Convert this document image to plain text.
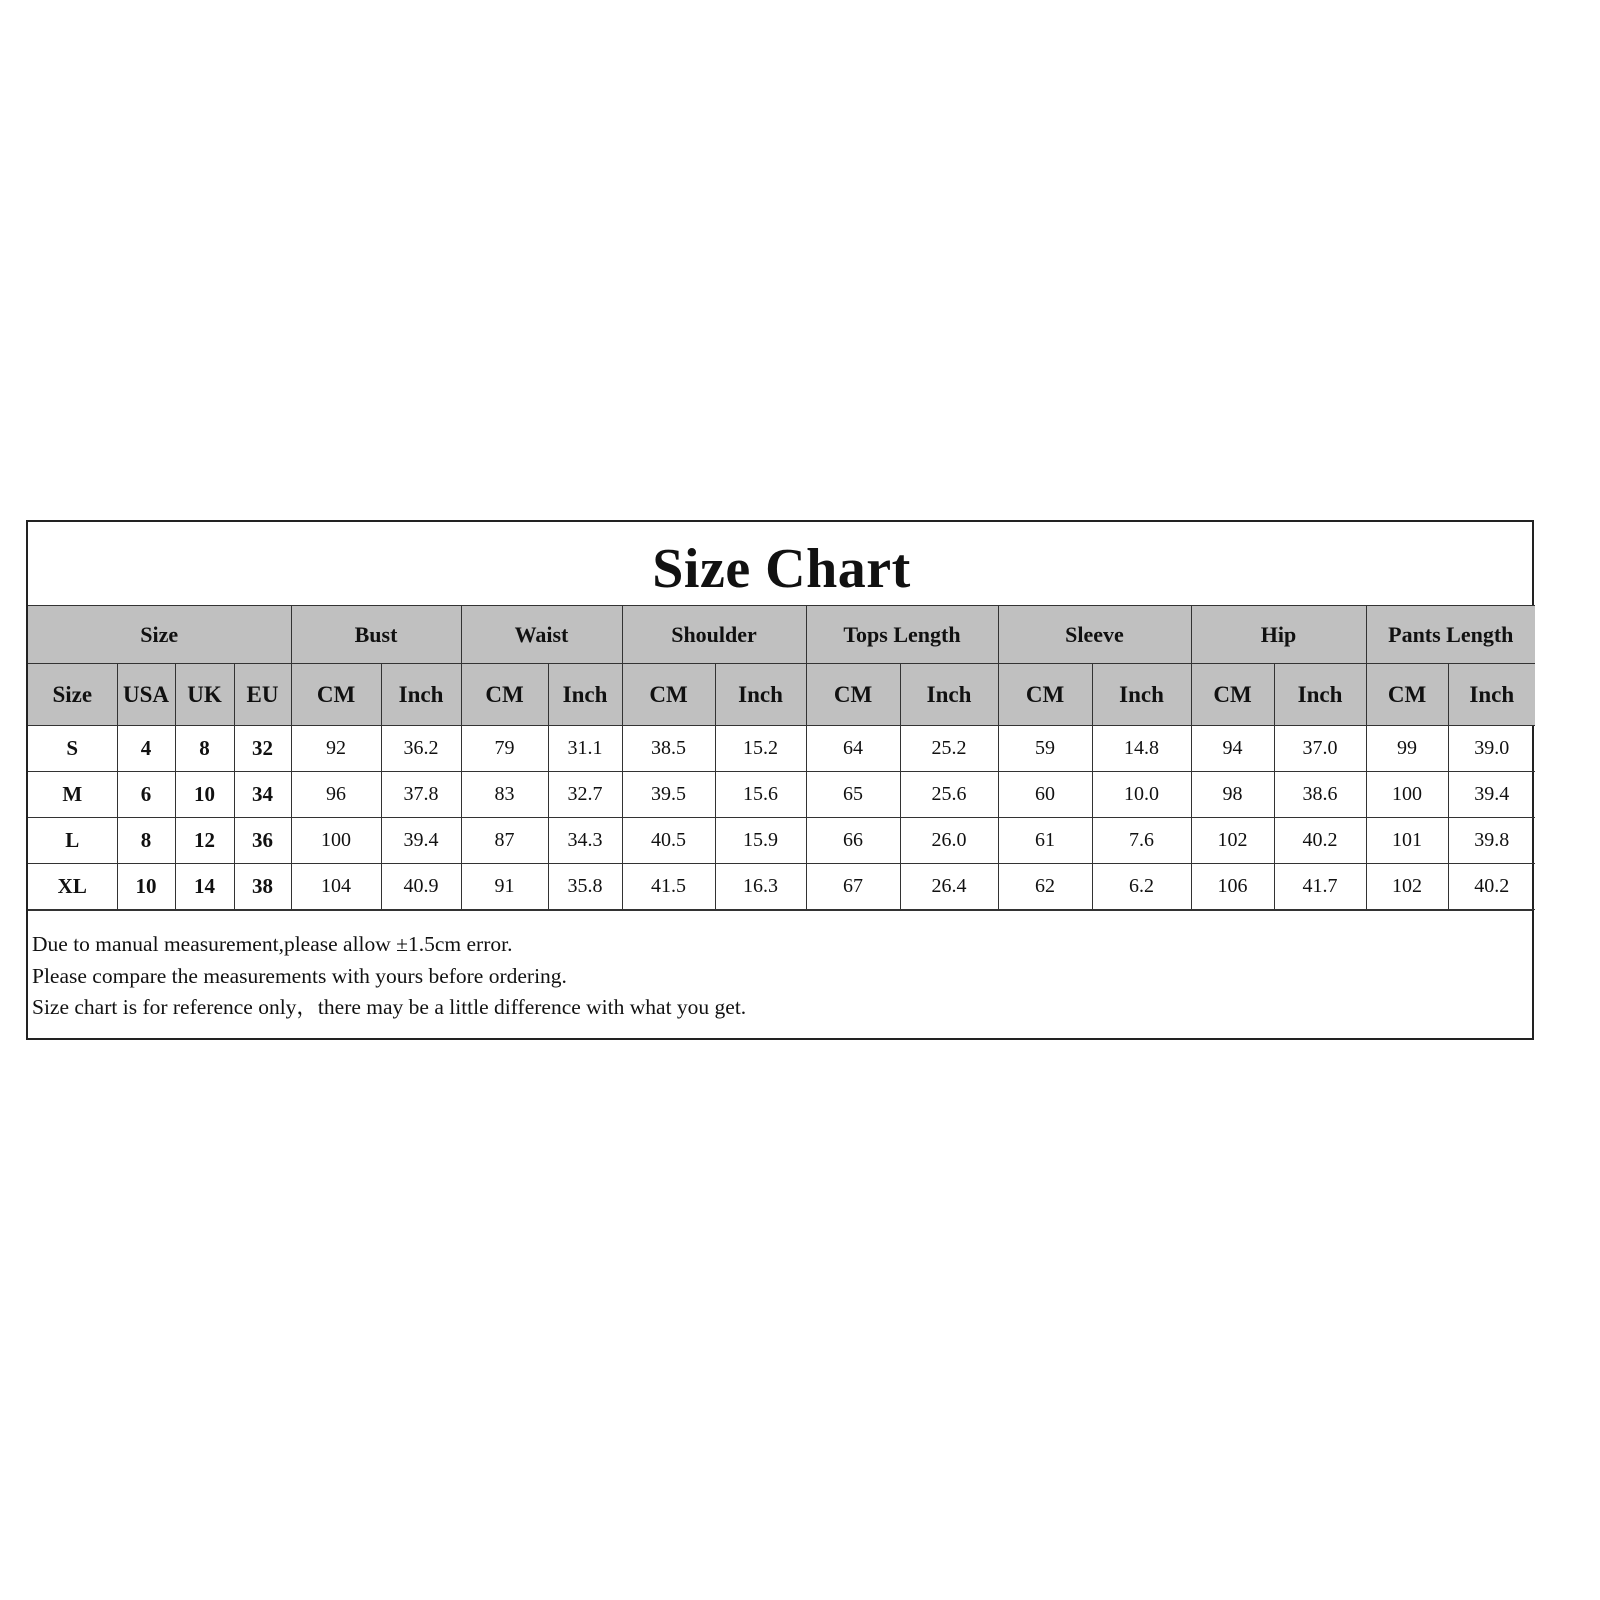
Size Chart																	
Size				Bust		Waist		Shoulder		Tops Length		Sleeve		Hip		Pants Length	
Size	USA	UK	EU	CM	Inch	CM	Inch	CM	Inch	CM	Inch	CM	Inch	CM	Inch	CM	Inch
S	4	8	32	92	36.2	79	31.1	38.5	15.2	64	25.2	59	14.8	94	37.0	99	39.0
M	6	10	34	96	37.8	83	32.7	39.5	15.6	65	25.6	60	10.0	98	38.6	100	39.4
L	8	12	36	100	39.4	87	34.3	40.5	15.9	66	26.0	61	7.6	102	40.2	101	39.8
XL	10	14	38	104	40.9	91	35.8	41.5	16.3	67	26.4	62	6.2	106	41.7	102	40.2
Due to manual measurement,please allow ±1.5cm error.
Please compare the measurements with yours before ordering.
Size chart is for reference only，there may be a little difference with what you get.
